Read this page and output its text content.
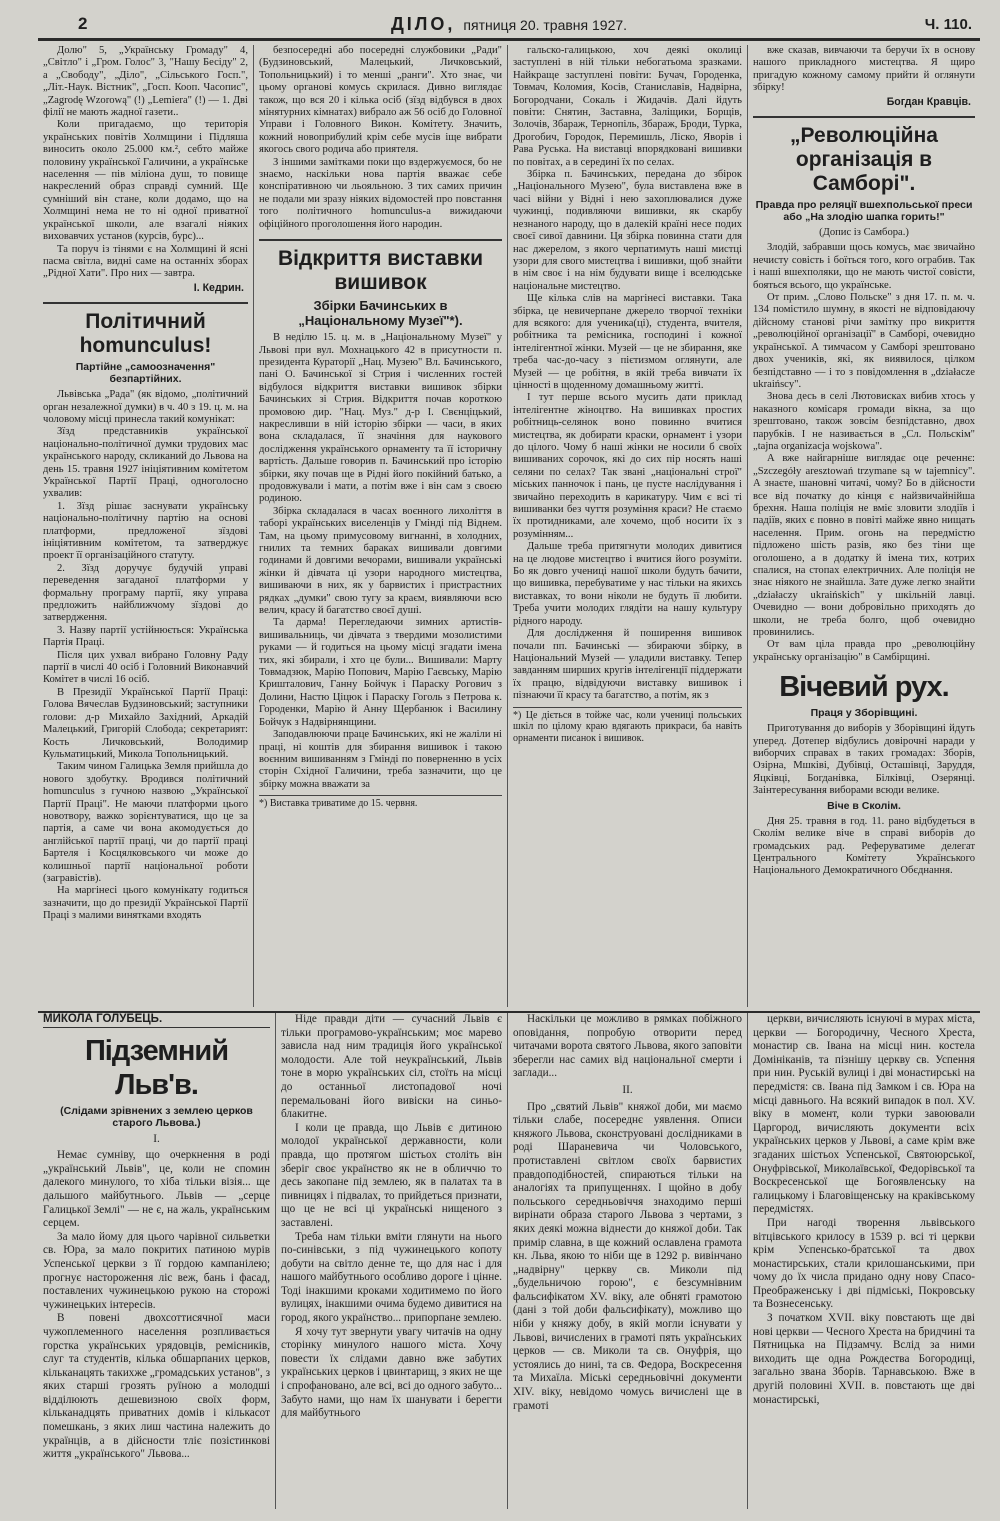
2	ДІЛО, пятниця 20. травня 1927.	Ч. 110.

Долю" 5, „Українську Громаду" 4, „Світло" і „Гром. Голос" 3, "Нашу Бесіду" 2, а „Свободу", „Діло", „Сільського Госп.", „Літ.-Наук. Вістник", „Госп. Кооп. Часопис", „Zagrodę Wzorową" (!) „Lemiera" (!) — 1. Дві філії не мають жадної газети..

Коли пригадаємо, що територія українських повітів Холмщини і Підляша виносить около 25.000 км.², себто майже половину української Галичини, а українське населення — пів мілiона душ, то повище накреслений образ справді сумний. Ще сумніший він стане, коли додамо, що на Холмщині нема не то ні одної приватної української школи, але взагалі ніяких виховавчих установ (курсів, бурс)...

Та поруч із тінями є на Холмщині й ясні пасма світла, видні саме на останніх зборах „Рідної Хати". Про них — завтра.

І. Кедрин.
Політичний homunculus!
Партійне „самоозначення" безпартійних.

Львівська „Рада" (як відомо, „політичний орган незалежної думки) в ч. 40 з 19. ц. м. на чоловому місці принесла такий комунікат:

Зїзд представників української національно-політичної думки трудових мас українського народу, скликаний до Львова на день 15. травня 1927 ініціятивним комітетом Української Партії Праці, одноголосно ухвалив:

1. Зїзд рішає заснувати українську національно-політичну партію на основі платформи, предложеної зїздові ініціятивним комітетом, та затверджує проект її організаційного статуту.

2. Зїзд доручує будучій управі переведення загаданої платформи у формальну програму партії, яку управа предложить найближчому зїздові до затвердження.

3. Назву партії устійнюється: Українська Партія Праці.

Після цих ухвал вибрано Головну Раду партії в числі 40 осіб і Головний Виконавчий Комітет в числі 16 осіб.

В Президії Української Партії Праці: Голова Вячеслав Будзиновський; заступники голови: д-р Михайло Західний, Аркадій Малецький, Григорій Слобода; секретарият: Кость Личковський, Володимир Кульматицький, Микола Топольницький.

Таким чином Галицька Земля прийшла до нового здобутку. Вродився політичний homunculus з гучною назвою „Української Партії Праці". Не маючи платформи цього новотвору, важко зорієнтуватися, що це за партія, а саме чи вона акомодується до англійської партії праці, чи до партії праці Бартеля і Косцялковського чи може до колишньої партії національної роботи (загравістів).

На маргінесі цього комунікату годиться зазначити, що до президії Української Партії Праці з малими винятками входять

безпосередні або посередні службовики „Ради" (Будзиновський, Малецький, Личковський, Топольницький) і то менші „ранги". Хто знає, чи цьому органові комусь скрилася. Дивно виглядає також, що вся 20 і кілька осіб (зїзд відбувся в двох мінятурних кімнатах) вибрало аж 56 осіб до Головної Управи і Головного Викон. Комітету. Значить, кожний новоприбулий крім себе мусів іще вибрати якогось свого родича або приятеля.

З іншими замітками поки що вздержуємося, бо не знаємо, наскільки нова партія вважає себе конспіративною чи льояльною. З тих самих причин не подали ми зразу ніяких відомостей про повстання того політичного homunculus-а вижидаючи офіційного проголошення його народин.

Відкриття виставки вишивок
Збірки Бачинських в „Національному Музеї"*).

В неділю 15. ц. м. в „Національному Музеї" у Львові при вул. Мохнацького 42 в присутности п. президента Кураторії „Нац. Музею" Вл. Бачинського, пані О. Бачинської зі Стрия і численних гостей відбулося відкриття виставки вишивок збірки Бачинських зі Стрия. Відкриття почав короткою промовою дир. "Нац. Муз." д-р І. Свєнціцький, накресливши в ній історію збірки — часи, в яких вона складалася, її значіння для наукового дослідження українського орнаменту та її історичну вартість. Дальше говорив п. Бачинський про історію збірки, яку почав ще в Рідні його покійний батько, а продовжували і мати, а потім вже і він сам з своєю родиною.

Збірка складалася в часах воєнного лихоліття в таборі українських виселенців у Гмінді під Віднем. Там, на цьому примусовому вигнанні, в холодних, гнилих та темних бараках вишивали довгими годинами й довгими вечорами, вишивали українські жінки й дівчата ці узори народного мистецтва, вишиваючи в них, як у барвистих і пристрастних рядках „думки" свою тугу за краєм, виявляючи всю велич, красу й багатство своєї душі.

Та дарма! Перегледаючи зимних артистів-вишивальниць, чи дівчата з твердими мозолистими руками — й годиться на цьому місці згадати імена тих, які збирали, і хто це були... Вишивали: Марту Товмадзюк, Марію Попович, Марію Гаєвську, Марію Кришталович, Ганну Бойчук і Параску Рогович з Долини, Настю Ціцюк і Параску Гоголь з Петрова к. Городенки, Марію й Анну Щербанюк і Василину Бойчук з Надвірнянщини.

Заподавлюючи праце Бачинських, які не жаліли ні праці, ні коштів для збирання вишивок і такою воєнним вишиванням з Гміндi по поверненню в усіх сторін Східної Галичини, треба зазначити, що це збірку можна вважати за

*) Виставка триватиме до 15. червня.

гальско-галицькою, хоч деякі околиці заступлені в ній тільки небогатьома зразками. Найкраще заступлені повіти: Бучач, Городенка, Товмач, Коломия, Косів, Станиславів, Надвірна, Богородчани, Сокаль і Жидачів. Далі йдуть повіти: Снятин, Заставна, Заліщики, Борщів, Золочів, Збараж, Тернопіль, Збараж, Броди, Турка, Дрогобич, Городок, Перемишль, Лiско, Яворів і Рава Руська. На виставці впорядковані вишивки по повітах, а в середині їх по селах.

Збірка п. Бачинських, передана до збірок „Національного Музею", була виставлена вже в часі війни у Відні і нею захоплювалися дуже чужинці, подивляючи вишивки, як скарбу незнаного народу, що в далекій країні несе подих своєї сивої давнини. Ця збірка повинна стати для нас джерелом, з якого черпатимуть наші мистці узори для свого мистецтва і вишивки, щоб знайти в нім своє і на нім будувати вище і вселюдське національне мистецтво.

Ще кілька слів на маргінесі виставки. Така збірка, це невичерпане джерело творчої техніки для всякого: для ученика(ці), студента, вчителя, робітника та ремісника, господині і кожної інтелігентної жінки. Музей — це не збирання, яке треба час-до-часу з пієтизмом оглянути, але Музей — це робітня, в якій треба вивчати їх цінності в щоденному домашньому житті.

І тут перше всього мусить дати приклад інтелігентне жіноцтво. На вишивках простих робітниць-селянок воно повинно вчитися мистецтва, як добирати краски, орнамент і узори до цілого. Чому б наші жінки не носили б своїх вишиваних сорочок, які до сих пір носять наші селяни по селах? Так звані „національні строї" міських панночок і пань, це пусте наслідування і звичайно переходить в карикатуру. Чим є всі ті вишиванки без чуття розуміння краси? Не стаємо їх протидниками, але хочемо, щоб носити їх з розумінням...

Дальше треба притягнути молодих дивитися на це людове мистецтво і вчитися його розуміти. Бо як довго учениці нашої школи будуть бачити, що вишивка, перебуватиме у нас тільки на якихсь виставках, то вони ніколи не будуть її любити. Треба учити молодих глядіти на нашу культуру рідного народу.

Для дослідження й поширення вишивок почали пп. Бачинські — збираючи збірку, в Національний Музей — уладили виставку. Тепер завданням ширших кругів інтелігенції піддержати їх працю, відвідуючи виставку вишивок і пізнаючи її красу та багатство, а потім, як з

*) Це діється в тойже час, коли учениці польських шкіл по цілому краю вдягають прикраси, ба навіть орнаменти писанок і вишивок.

вже сказав, вивчаючи та беручи їх в основу нашого прикладного мистецтва. Я щиро пригадую кожному самому прийти й оглянути збірку!

Богдан Кравців.
„Революційна організація в Самборі".
Правда про реляції вшехпольської преси або „На злодію шапка горить!"
(Допис із Самбора.)

Злодій, забравши щось комусь, має звичайно нечисту совість і боїться того, кого ограбив. Так і наші вшехполяки, що не мають чистої совісти, бояться всього, що українське.

От прим. „Слово Польске" з дня 17. п. м. ч. 134 помістило шумну, в якості не відповідаючу дійсному станові річи замітку про викриття „революційної організації" в Самборі, очевидно української. А тимчасом у Самборі зрештовано двох учеників, які, як виявилося, цілком безпідставно — і то з повідомлення в „działacze ukraińscy".

Знова десь в селі Лютовисках вибив хтось у наказного комісаря громади вікна, за що зрештовано, також зовсім безпідставно, двох парубків. І не називається в „Сл. Польскім" „tajna organizacja wojskowa".

А вже найгарніше виглядає оце реченнє: „Szczegóły aresztowań trzymane są w tajemnicy". А знаєте, шановні читачі, чому? Бо в дійсности все від початку до кінця є найзвичайнійша брехня. Наша поліція не вміє зловити злодіїв і падіїв, яких є повно в повіті майже явно нищать населення. Прим. огонь на передмістю підложено шість разів, яко без тіни ще оголошено, а в додатку й імена тих, котрих спалися, на стопах електричних. Але поліція не знає ніякого не знайшла. Зате дуже легко знайти „działaczy ukraińskich" у шкільній лавці. Очевидно — вони добровільно приходять до школи, не треба болго, щоб очевидно провинились.

От вам ціла правда про „революційну українську організацію" в Самбірщині.

Вічевий рух.
Праця у Зборівщині.

Приготування до виборів у Зборівщині йдуть уперед. Дотепер відбулись довірочні наради у виборчих справах в таких громадах: Зборів, Озірна, Мшківі, Дубівці, Осташівці, Заруддя, Яцківці, Богданівка, Білківці, Озерянці. Заінтересування виборами всюди велике.

Віче в Сколім.

Дня 25. травня в год. 11. рано відбудеться в Сколім велике віче в справі виборів до громадських рад. Реферуватиме делегат Центрального Комітету Українського Національного Демократичного Обєднання.

МИКОЛА ГОЛУБЕЦЬ.
Підземний Льв'в.
(Слідами зрівнених з землею церков старого Львова.)
І.

Немає сумніву, що очеркнення в роді „український Львів", це, коли не спомин далекого минулого, то хіба тільки візія... ще дальшого майбутнього. Львів — „серце Галицької Землі" — не є, на жаль, українським серцем.

За мало йому для цього чарівної сильветки св. Юра, за мало покритих патиною мурів Успенської церкви з її гордою кампанілею; прогнує настороження ліс веж, бань і фасад, поставлених чужинецькою рукою на сторожі чужинецьких інтересів.

В повені двохсоттисячної маси чужоплеменного населення розпливається горстка українських урядовців, ремісників, слуг та студентів, кілька обшарпаних церков, кільканацять такихже „громадських установ", з яких старші грозять руїною а молодші відділюють дешевизною своїх форм, кільканадцять приватних домів і кількасот помешкань, з яких лиш частина належить до українців, а в дійсности тліє позістинкові життя „українського" Львова...

Ніде правди діти — сучасний Львів є тільки програмово-українським; моє марево зависла над ним традиція його української молодости. Але той неукраїнський, Львів тоне в морю українських сіл, стоїть на місці до останньої листопадової ночі перемальовані його вивіски на синьо-блакитне.

І коли це правда, що Львів є дитиною молодої української державности, коли правда, що протягом шістьох століть він зберіг своє українство як не в обличчю то десь закопане під землею, як в палатах та в пивницях і підвалах, то прийдеться признати, що це не всі ці українські нищеного з заставлені.

Треба нам тільки вміти глянути на нього по-синівськи, з під чужинецького копоту добути на світло денне те, що для нас і для нашого майбутнього особливо дороге і цінне. Тоді інакшими кроками ходитимемо по його вулицях, інакшими очима будемо дивитися на город, якого українство... припорпане землею.

Я хочу тут звернути увагу читачів на одну сторінку минулого нашого міста. Хочу повести їх слідами давно вже забутих українських церков і цвинтарищ, з яких не ще і спрофановано, але всі, всі до одного забуто... Забуто нами, що нам їх шанувати і берегти для майбутнього

Наскільки це можливо в рямках побіжного оповідання, попробую отворити перед читачами ворота святого Львова, якого заповіти зберегли нас самих від національної смерти і заглади...

II.

Про „святий Львів" княжої доби, ми маємо тільки слабе, посереднє уявлення. Описи княжого Львова, сконструовані дослідниками в роді Шараневича чи Чоловського, протиставленi світлом своїх барвистих правдоподібностей, спираються тільки на аналогіях та припущеннях. І щойно в добу польського середньовіччя знаходимо перші вирінати образа старого Львова з чертами, з яких деякі можна віднести до княжої доби. Так примір славна, в ще кожний ославлена грамота кн. Льва, якою то ніби ще в 1292 р. вивінчано „надвірну" церкву св. Миколи під „будельничою горою", є безсумнівним фальсифікатом XV. віку, але обняті грамотою (дані з той доби фальсифікату), можливо що ніби у княжу добу, в якій могли існувати у Львові, вичислених в грамоті пять українських церков — св. Миколи та св. Онуфрія, що устоялись до нині, та св. Федора, Воскресення та Михаїла. Міські середньовічні документи XIV. віку, невідомо чомусь вичислені ще в грамоті

церкви, вичисляють існуючі в мурах міста, церкви — Богородичну, Чесного Хреста, монастир св. Івана на місці нин. костела Домініканів, та пізнішу церкву св. Успення при нин. Руській вулиці і дві монастирські на передмістя: св. Івана під Замком і св. Юра на місці давнього. На всякий випадок в пол. XV. віку в момент, коли турки завоювали Царгород, вичисляють документи всіх українських церков у Львові, а саме крім вже згаданих шістьох Успенської, Святоюрської, Онуфрівської, Миколаївської, Федорівської та Воскресенської ще Богоявленську на галицькому і Благовіщенську на краківському передмістях.

При нагоді творення львівського вітцівського крилосу в 1539 р. всі ті церкви крім Успенсько-братської та двох монастирських, стали крилошанськими, при чому до їх числа придано одну нову Спасо-Преображенську і дві підміські, Покровську та Вознесенську.

З початком XVII. віку повстають ще дві нові церкви — Чесного Хреста на бридчині та Пятницька на Підзамчу. Вслід за ними виходить ще одна Рождества Богородиці, загально звана Зборів. Тарнавською. Вже в другій половині XVII. в. повстають ще дві монастирські,
